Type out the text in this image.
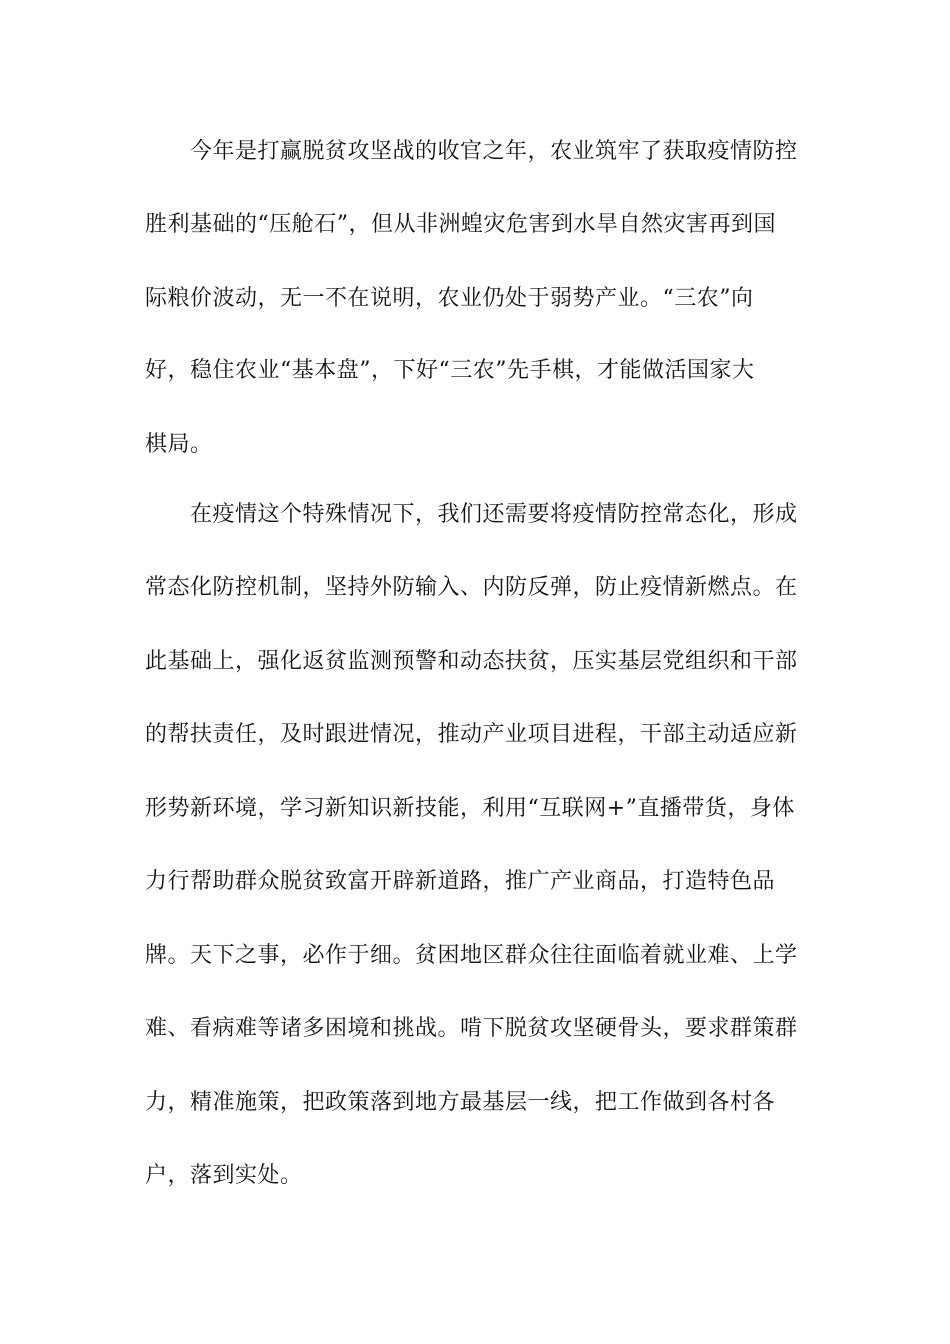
今年是打赢脱贫攻坚战的收官之年，农业筑牢了获取疫情防控
胜利基础的“压舱石”，但从非洲蝗灾危害到水旱自然灾害再到国
际粮价波动，无一不在说明，农业仍处于弱势产业。“三农”向
好，稳住农业“基本盘”，下好“三农”先手棋，才能做活国家大
棋局。
在疫情这个特殊情况下，我们还需要将疫情防控常态化，形成
常态化防控机制，坚持外防输入、内防反弹，防止疫情新燃点。在
此基础上，强化返贫监测预警和动态扶贫，压实基层党组织和干部
的帮扶责任，及时跟进情况，推动产业项目进程，干部主动适应新
形势新环境，学习新知识新技能，利用“互联网+”直播带货，身体
力行帮助群众脱贫致富开辟新道路，推广产业商品，打造特色品
牌。天下之事，必作于细。贫困地区群众往往面临着就业难、上学
难、看病难等诸多困境和挑战。啃下脱贫攻坚硬骨头，要求群策群
力，精准施策，把政策落到地方最基层一线，把工作做到各村各
户，落到实处。
